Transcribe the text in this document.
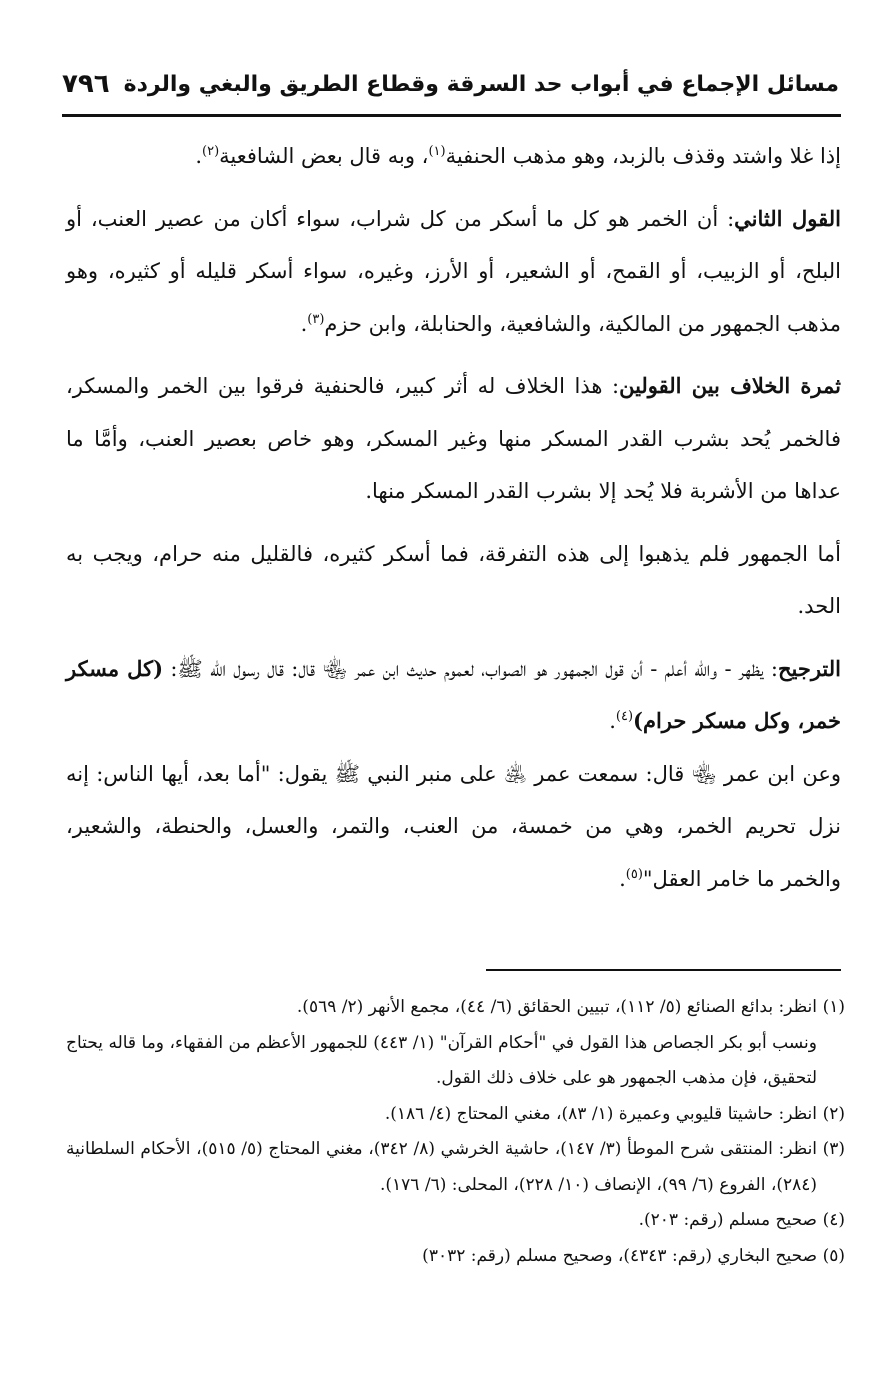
مسائل الإجماع في أبواب حد السرقة وقطاع الطريق والبغي والردة
٧٩٦

إذا غلا واشتد وقذف بالزبد، وهو مذهب الحنفية$^{(١)}$، وبه قال بعض الشافعية$^{(٢)}$.

القول الثاني: أن الخمر هو كل ما أسكر من كل شراب، سواء أكان من عصير العنب، أو البلح، أو الزبيب، أو القمح، أو الشعير، أو الأرز، وغيره، سواء أسكر قليله أو كثيره، وهو مذهب الجمهور من المالكية، والشافعية، والحنابلة، وابن حزم$^{(٣)}$.

ثمرة الخلاف بين القولين: هذا الخلاف له أثر كبير، فالحنفية فرقوا بين الخمر والمسكر، فالخمر يُحد بشرب القدر المسكر منها وغير المسكر، وهو خاص بعصير العنب، وأمَّا ما عداها من الأشربة فلا يُحد إلا بشرب القدر المسكر منها.

أما الجمهور فلم يذهبوا إلى هذه التفرقة، فما أسكر كثيره، فالقليل منه حرام، ويجب به الحد.

الترجيح: يظهر - والله أعلم - أن قول الجمهور هو الصواب، لعموم حديث ابن عمر ﵄ قال: قال رسول الله ﷺ: (كل مسكر خمر، وكل مسكر حرام)$^{(٤)}$.

وعن ابن عمر ﵄ قال: سمعت عمر ﵁ على منبر النبي ﷺ يقول: "أما بعد، أيها الناس: إنه نزل تحريم الخمر، وهي من خمسة، من العنب، والتمر، والعسل، والحنطة، والشعير، والخمر ما خامر العقل"$^{(٥)}$.

(١)

انظر: بدائع الصنائع (٥/ ١١٢)، تبيين الحقائق (٦/ ٤٤)، مجمع الأنهر (٢/ ٥٦٩).

ونسب أبو بكر الجصاص هذا القول في "أحكام القرآن" (١/ ٤٤٣) للجمهور الأعظم من الفقهاء، وما قاله يحتاج لتحقيق، فإن مذهب الجمهور هو على خلاف ذلك القول.

(٢)

انظر: حاشيتا قليوبي وعميرة (١/ ٨٣)، مغني المحتاج (٤/ ١٨٦).

(٣)

انظر: المنتقى شرح الموطأ (٣/ ١٤٧)، حاشية الخرشي (٨/ ٣٤٢)، مغني المحتاج (٥/ ٥١٥)، الأحكام السلطانية (٢٨٤)، الفروع (٦/ ٩٩)، الإنصاف (١٠/ ٢٢٨)، المحلى: (٦/ ١٧٦).

(٤)

صحيح مسلم (رقم: ٢٠٣).

(٥)

صحيح البخاري (رقم: ٤٣٤٣)، وصحيح مسلم (رقم: ٣٠٣٢)
